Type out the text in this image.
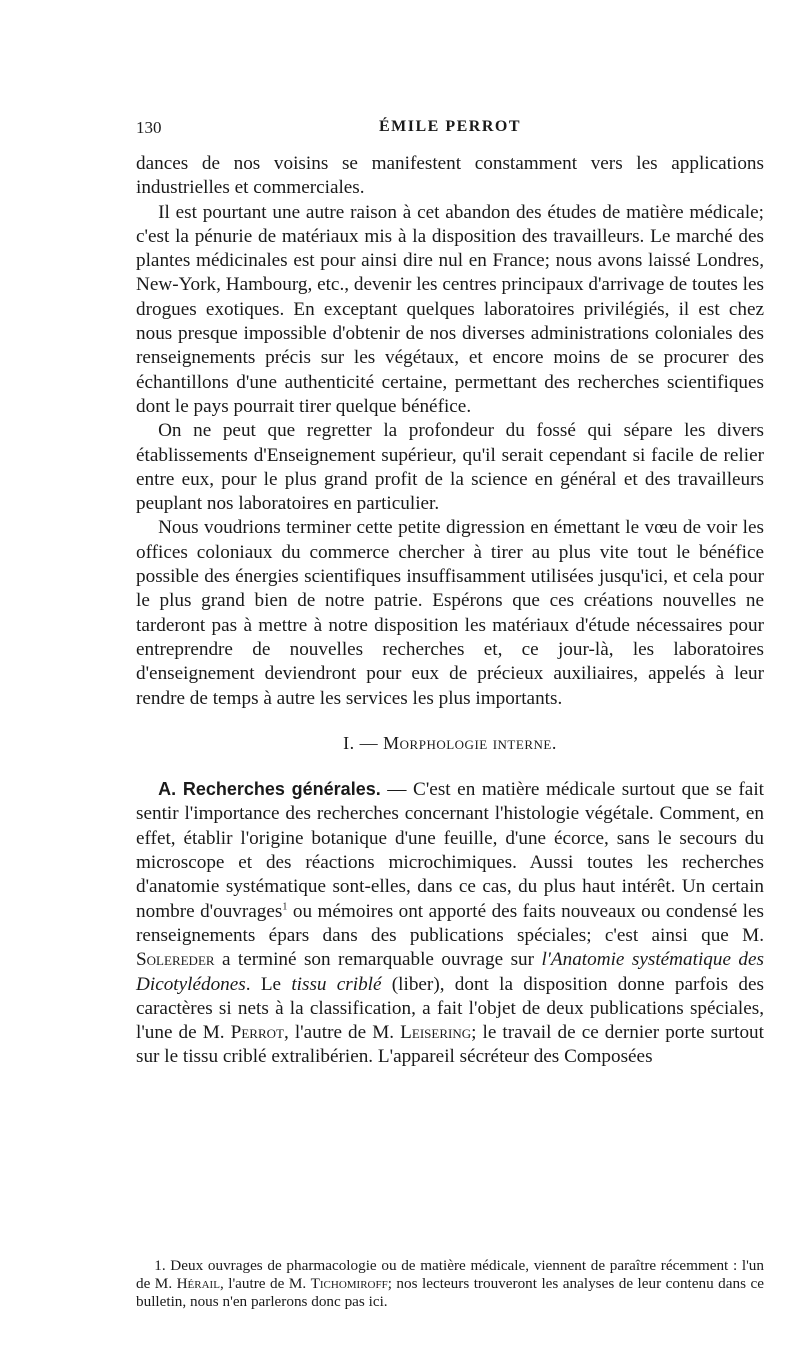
130	ÉMILE PERROT

dances de nos voisins se manifestent constamment vers les applications industrielles et commerciales.

Il est pourtant une autre raison à cet abandon des études de matière médicale; c'est la pénurie de matériaux mis à la disposition des travailleurs. Le marché des plantes médicinales est pour ainsi dire nul en France; nous avons laissé Londres, New-York, Hambourg, etc., devenir les centres principaux d'arrivage de toutes les drogues exotiques. En exceptant quelques laboratoires privilégiés, il est chez nous presque impossible d'obtenir de nos diverses administrations coloniales des renseignements précis sur les végétaux, et encore moins de se procurer des échantillons d'une authenticité certaine, permettant des recherches scientifiques dont le pays pourrait tirer quelque bénéfice.

On ne peut que regretter la profondeur du fossé qui sépare les divers établissements d'Enseignement supérieur, qu'il serait cependant si facile de relier entre eux, pour le plus grand profit de la science en général et des travailleurs peuplant nos laboratoires en particulier.

Nous voudrions terminer cette petite digression en émettant le vœu de voir les offices coloniaux du commerce chercher à tirer au plus vite tout le bénéfice possible des énergies scientifiques insuffisamment utilisées jusqu'ici, et cela pour le plus grand bien de notre patrie. Espérons que ces créations nouvelles ne tarderont pas à mettre à notre disposition les matériaux d'étude nécessaires pour entreprendre de nouvelles recherches et, ce jour-là, les laboratoires d'enseignement deviendront pour eux de précieux auxiliaires, appelés à leur rendre de temps à autre les services les plus importants.

I. — Morphologie interne.

A. Recherches générales. — C'est en matière médicale surtout que se fait sentir l'importance des recherches concernant l'histologie végétale. Comment, en effet, établir l'origine botanique d'une feuille, d'une écorce, sans le secours du microscope et des réactions microchimiques. Aussi toutes les recherches d'anatomie systématique sont-elles, dans ce cas, du plus haut intérêt. Un certain nombre d'ouvrages$^1$ ou mémoires ont apporté des faits nouveaux ou condensé les renseignements épars dans des publications spéciales; c'est ainsi que M. Solereder a terminé son remarquable ouvrage sur l'Anatomie systématique des Dicotylédones. Le tissu criblé (liber), dont la disposition donne parfois des caractères si nets à la classification, a fait l'objet de deux publications spéciales, l'une de M. Perrot, l'autre de M. Leisering; le travail de ce dernier porte surtout sur le tissu criblé extralibérien. L'appareil sécréteur des Composées

1. Deux ouvrages de pharmacologie ou de matière médicale, viennent de paraître récemment : l'un de M. Hérail, l'autre de M. Tichomiroff; nos lecteurs trouveront les analyses de leur contenu dans ce bulletin, nous n'en parlerons donc pas ici.
